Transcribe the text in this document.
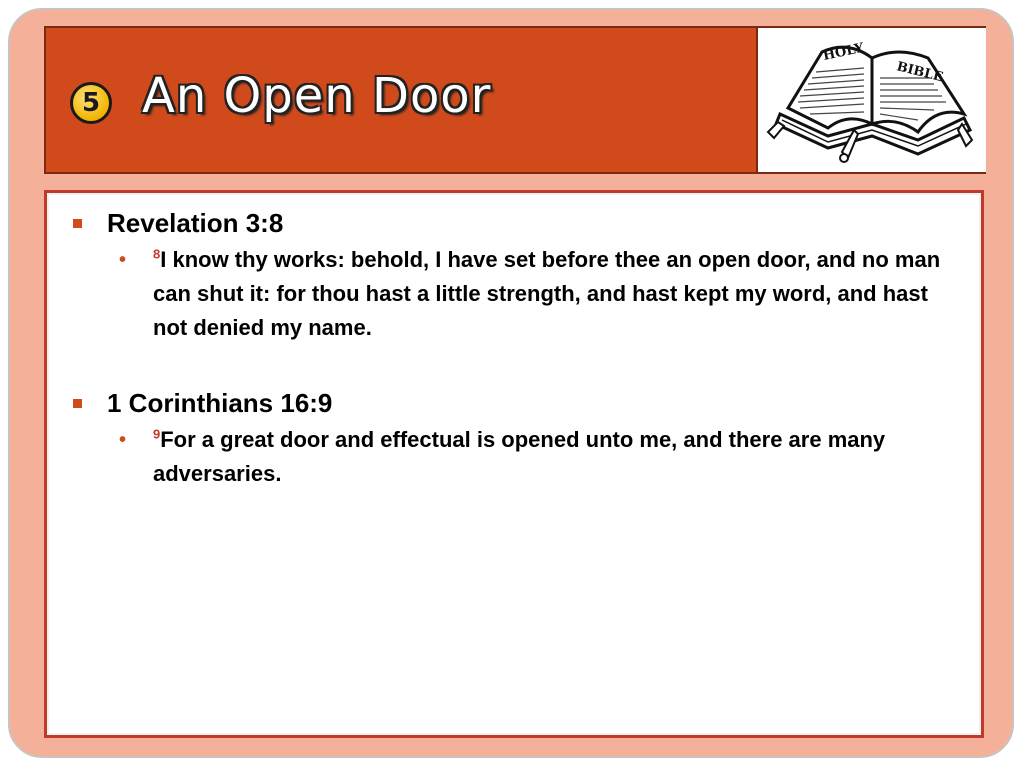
5 An Open Door
HOLY
BIBLE
Revelation 3:8
• $^8$I know thy works: behold, I have set before thee an open door, and no man can shut it: for thou hast a little strength, and hast kept my word, and hast not denied my name.
1 Corinthians 16:9
• $^9$For a great door and effectual is opened unto me, and there are many adversaries.
